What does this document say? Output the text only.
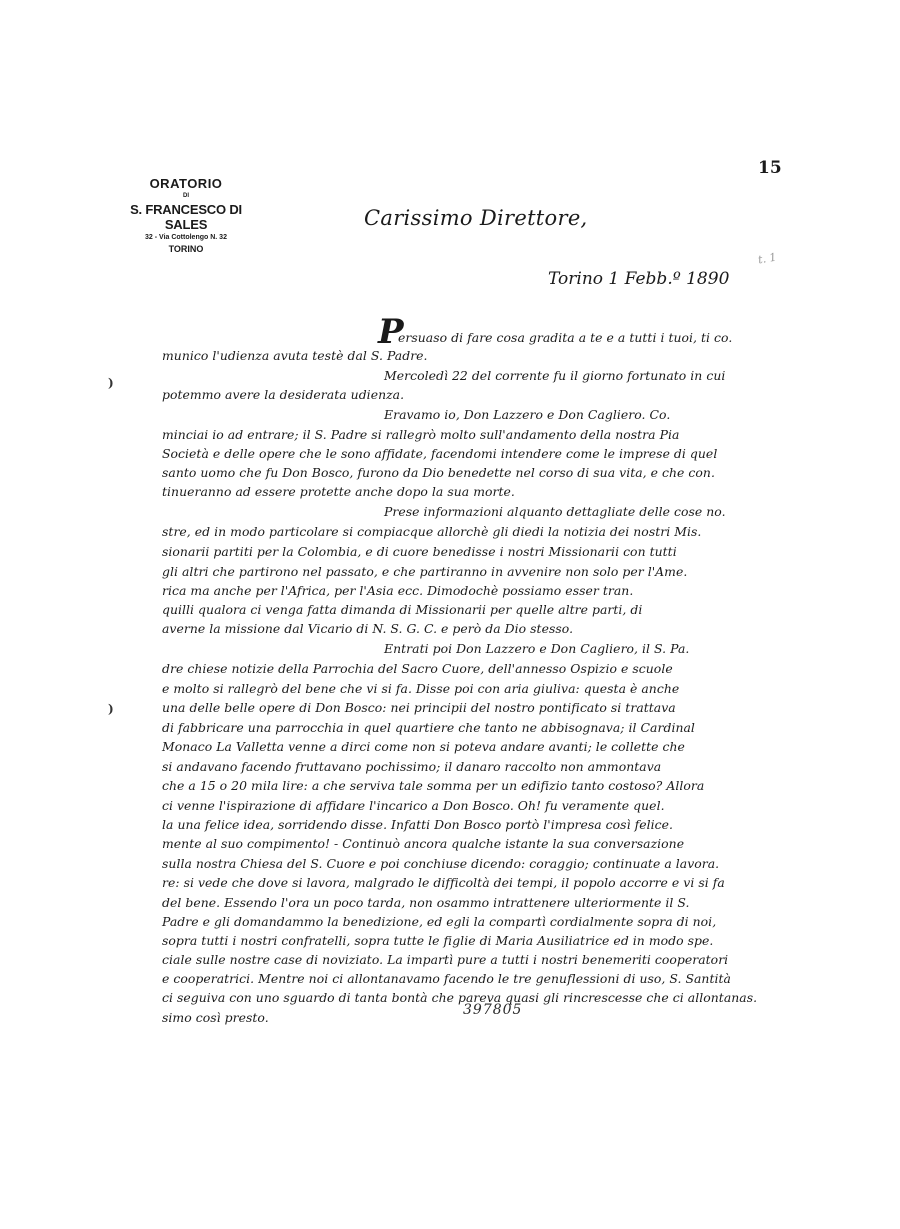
ORATORIO
DI
S. FRANCESCO DI SALES
32 - Via Cottolengo N. 32
TORINO
15
t. 1
Carissimo Direttore,
Torino 1 Febb.º 1890
P
)
)
ersuaso di fare cosa gradita a te e a tutti i tuoi, ti co.
munico l'udienza avuta testè dal S. Padre.
Mercoledì 22 del corrente fu il giorno fortunato in cui
potemmo avere la desiderata udienza.
Eravamo io, Don Lazzero e Don Cagliero. Co.
minciai io ad entrare; il S. Padre si rallegrò molto sull'andamento della nostra Pia
Società e delle opere che le sono affidate, facendomi intendere come le imprese di quel
santo uomo che fu Don Bosco, furono da Dio benedette nel corso di sua vita, e che con.
tinueranno ad essere protette anche dopo la sua morte.
Prese informazioni alquanto dettagliate delle cose no.
stre, ed in modo particolare si compiacque allorchè gli diedi la notizia dei nostri Mis.
sionarii partiti per la Colombia, e di cuore benedisse i nostri Missionarii con tutti
gli altri che partirono nel passato, e che partiranno in avvenire non solo per l'Ame.
rica ma anche per l'Africa, per l'Asia ecc. Dimodochè possiamo esser tran.
quilli qualora ci venga fatta dimanda di Missionarii per quelle altre parti, di
averne la missione dal Vicario di N. S. G. C. e però da Dio stesso.
Entrati poi Don Lazzero e Don Cagliero, il S. Pa.
dre chiese notizie della Parrochia del Sacro Cuore, dell'annesso Ospizio e scuole
e molto si rallegrò del bene che vi si fa. Disse poi con aria giuliva: questa è anche
una delle belle opere di Don Bosco: nei principii del nostro pontificato si trattava
di fabbricare una parrocchia in quel quartiere che tanto ne abbisognava; il Cardinal
Monaco La Valletta venne a dirci come non si poteva andare avanti; le collette che
si andavano facendo fruttavano pochissimo; il danaro raccolto non ammontava
che a 15 o 20 mila lire: a che serviva tale somma per un edifizio tanto costoso? Allora
ci venne l'ispirazione di affidare l'incarico a Don Bosco. Oh! fu veramente quel.
la una felice idea, sorridendo disse. Infatti Don Bosco portò l'impresa così felice.
mente al suo compimento! - Continuò ancora qualche istante la sua conversazione
sulla nostra Chiesa del S. Cuore e poi conchiuse dicendo: coraggio; continuate a lavora.
re: si vede che dove si lavora, malgrado le difficoltà dei tempi, il popolo accorre e vi si fa
del bene. Essendo l'ora un poco tarda, non osammo intrattenere ulteriormente il S.
Padre e gli domandammo la benedizione, ed egli la compartì cordialmente sopra di noi,
sopra tutti i nostri confratelli, sopra tutte le figlie di Maria Ausiliatrice ed in modo spe.
ciale sulle nostre case di noviziato. La impartì pure a tutti i nostri benemeriti cooperatori
e cooperatrici. Mentre noi ci allontanavamo facendo le tre genuflessioni di uso, S. Santità
ci seguiva con uno sguardo di tanta bontà che pareva quasi gli rincrescesse che ci allontanas.
simo così presto.	397805
